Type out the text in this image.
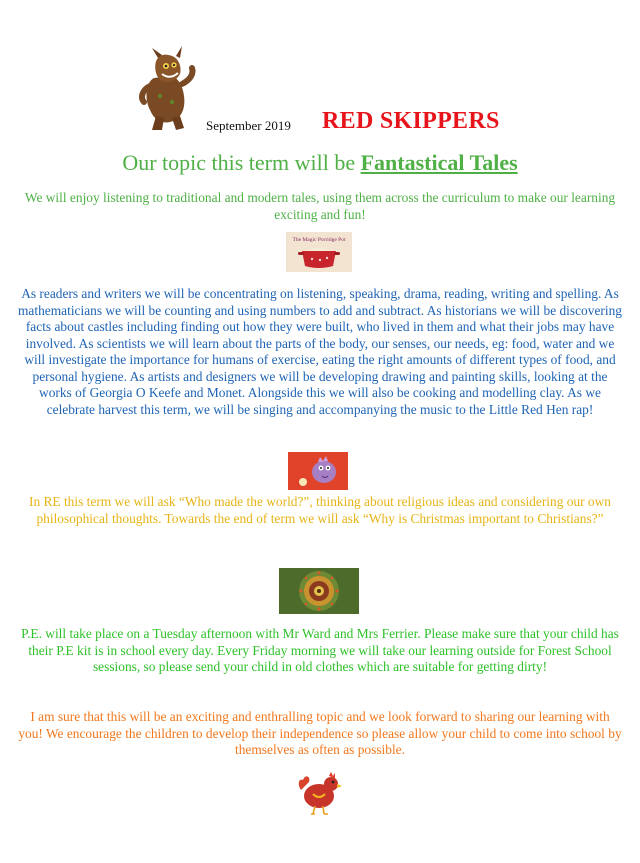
September 2019 RED SKIPPERS
Our topic this term will be Fantastical Tales
We will enjoy listening to traditional and modern tales, using them across the curriculum to make our learning exciting and fun!
The Magic Porridge Pot
As readers and writers we will be concentrating on listening, speaking, drama, reading, writing and spelling. As mathematicians we will be counting and using numbers to add and subtract. As historians we will be discovering facts about castles including finding out how they were built, who lived in them and what their jobs may have involved. As scientists we will learn about the parts of the body, our senses, our needs, eg: food, water and we will investigate the importance for humans of exercise, eating the right amounts of different types of food, and personal hygiene. As artists and designers we will be developing drawing and painting skills, looking at the works of Georgia O Keefe and Monet. Alongside this we will also be cooking and modelling clay. As we celebrate harvest this term, we will be singing and accompanying the music to the Little Red Hen rap!
In RE this term we will ask “Who made the world?”, thinking about religious ideas and considering our own philosophical thoughts. Towards the end of term we will ask “Why is Christmas important to Christians?”
P.E. will take place on a Tuesday afternoon with Mr Ward and Mrs Ferrier. Please make sure that your child has their P.E kit is in school every day. Every Friday morning we will take our learning outside for Forest School sessions, so please send your child in old clothes which are suitable for getting dirty!
I am sure that this will be an exciting and enthralling topic and we look forward to sharing our learning with you! We encourage the children to develop their independence so please allow your child to come into school by themselves as often as possible.
